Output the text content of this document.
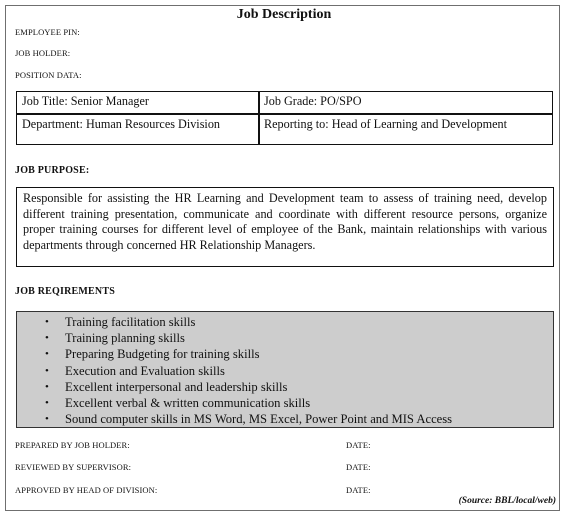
Job Description
EMPLOYEE PIN:
JOB HOLDER:
POSITION DATA:
Job Title: Senior Manager	Job Grade: PO/SPO
Department: Human Resources Division	Reporting to: Head of Learning and Development
JOB PURPOSE:

Responsible for assisting the HR Learning and Development team to assess of training need, develop different training presentation, communicate and coordinate with different resource persons, organize proper training courses for different level of employee of the Bank, maintain relationships with various departments through concerned HR Relationship Managers.

JOB REQIREMENTS
• Training facilitation skills
• Training planning skills
• Preparing Budgeting for training skills
• Execution and Evaluation skills
• Excellent interpersonal and leadership skills
• Excellent verbal & written communication skills
• Sound computer skills in MS Word, MS Excel, Power Point and MIS Access
PREPARED BY JOB HOLDER:	DATE:
REVIEWED BY SUPERVISOR:	DATE:
APPROVED BY HEAD OF DIVISION:	DATE:
(Source: BBL/local/web)
